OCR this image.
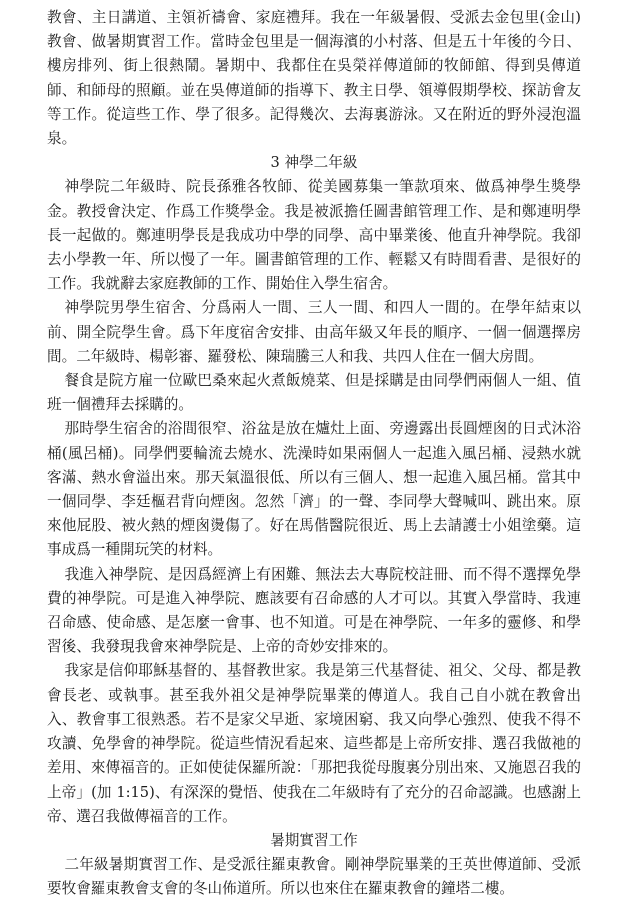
教會、主日講道、主領祈禱會、家庭禮拜。我在一年級暑假、受派去金包里(金山)教會、做暑期實習工作。當時金包里是一個海濱的小村落、但是五十年後的今日、樓房排列、街上很熱鬧。暑期中、我都住在吳榮祥傳道師的牧師館、得到吳傳道師、和師母的照顧。並在吳傳道師的指導下、教主日學、領導假期學校、探訪會友等工作。從這些工作、學了很多。記得幾次、去海裏游泳。又在附近的野外浸泡溫泉。

3 神學二年級

神學院二年級時、院長孫雅各牧師、從美國募集一筆款項來、做爲神學生獎學金。教授會決定、作爲工作獎學金。我是被派擔任圖書館管理工作、是和鄭連明學長一起做的。鄭連明學長是我成功中學的同學、高中畢業後、他直升神學院。我卻去小學教一年、所以慢了一年。圖書館管理的工作、輕鬆又有時間看書、是很好的工作。我就辭去家庭教師的工作、開始住入學生宿舍。

神學院男學生宿舍、分爲兩人一間、三人一間、和四人一間的。在學年結束以前、開全院學生會。爲下年度宿舍安排、由高年級又年長的順序、一個一個選擇房間。二年級時、楊彰審、羅發松、陳瑞騰三人和我、共四人住在一個大房間。

餐食是院方雇一位歐巴桑來起火煮飯燒菜、但是採購是由同學們兩個人一組、值班一個禮拜去採購的。

那時學生宿舍的浴間很窄、浴盆是放在爐灶上面、旁邊露出長圓煙囪的日式沐浴桶(風呂桶)。同學們要輪流去燒水、洗澡時如果兩個人一起進入風呂桶、浸熱水就客滿、熱水會溢出來。那天氣溫很低、所以有三個人、想一起進入風呂桶。當其中一個同學、李廷樞君背向煙囪。忽然「濟」的一聲、李同學大聲喊叫、跳出來。原來他屁股、被火熱的煙囪燙傷了。好在馬偕醫院很近、馬上去請護士小姐塗藥。這事成爲一種開玩笑的材料。

我進入神學院、是因爲經濟上有困難、無法去大專院校註冊、而不得不選擇免學費的神學院。可是進入神學院、應該要有召命感的人才可以。其實入學當時、我連召命感、使命感、是怎麼一會事、也不知道。可是在神學院、一年多的靈修、和學習後、我發現我會來神學院是、上帝的奇妙安排來的。

我家是信仰耶穌基督的、基督教世家。我是第三代基督徒、祖父、父母、都是教會長老、或執事。甚至我外祖父是神學院畢業的傳道人。我自己自小就在教會出入、教會事工很熟悉。若不是家父早逝、家境困窮、我又向學心強烈、使我不得不攻讀、免學會的神學院。從這些情況看起來、這些都是上帝所安排、選召我做祂的差用、來傳福音的。正如使徒保羅所說：「那把我從母腹裏分別出來、又施恩召我的上帝」(加 1:15)、有深深的覺悟、使我在二年級時有了充分的召命認識。也感謝上帝、選召我做傳福音的工作。

暑期實習工作

二年級暑期實習工作、是受派往羅東教會。剛神學院畢業的王英世傳道師、受派要牧會羅東教會支會的冬山佈道所。所以也來住在羅東教會的鐘塔二樓。
